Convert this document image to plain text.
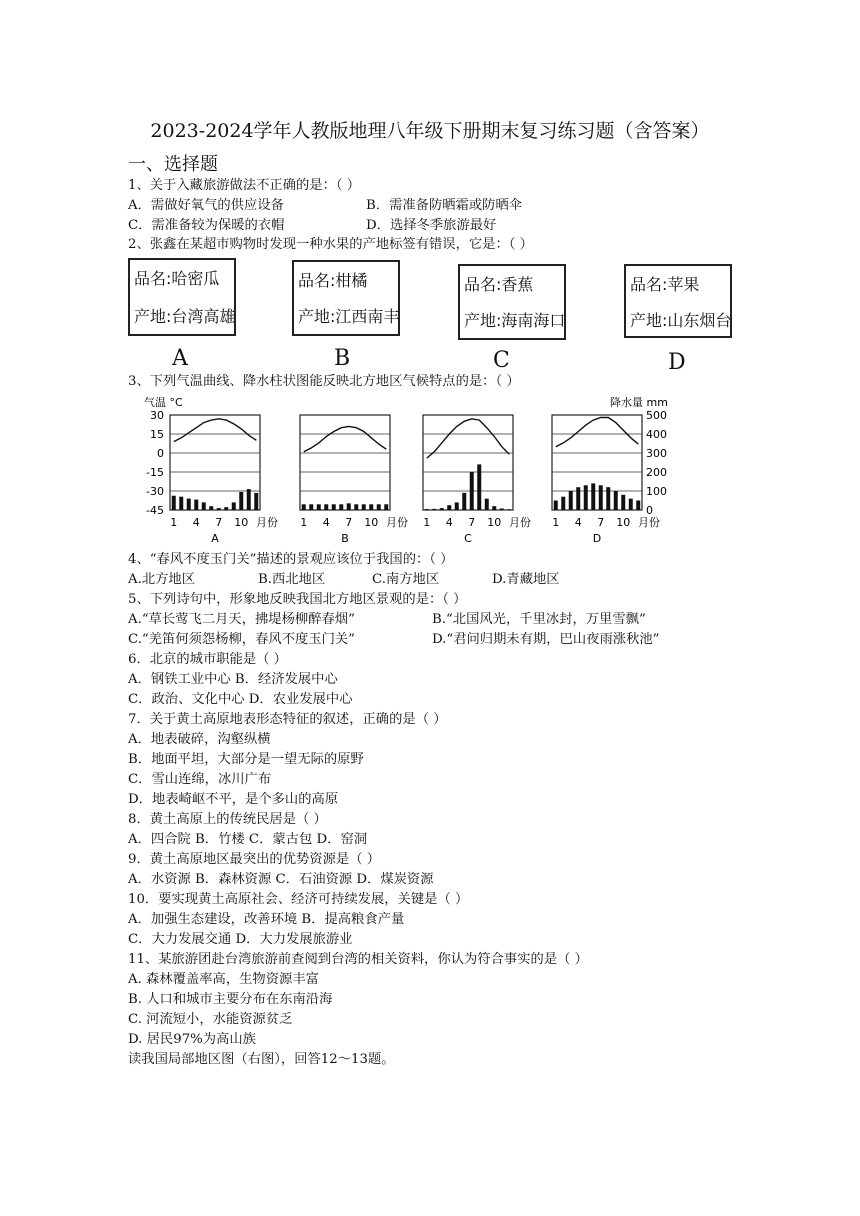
2023-2024学年人教版地理八年级下册期末复习练习题（含答案）
一、选择题
1、关于入藏旅游做法不正确的是：（ ）
A．需做好氧气的供应设备	B．需准备防晒霜或防晒伞
C．需准备较为保暖的衣帽	D．选择冬季旅游最好
2、张鑫在某超市购物时发现一种水果的产地标签有错误，它是：（ ）
品名:哈密瓜
产地:台湾高雄
品名:柑橘
产地:江西南丰
品名:香蕉
产地:海南海口
品名:苹果
产地:山东烟台
A	B	C	D
3、下列气温曲线、降水柱状图能反映北方地区气候特点的是：（ ）
气温 °C	降水量 mm
30
15
0
-15
-30
-45
500
400
300
200
100
0
1 4 7 10 月份
A
1 4 7 10 月份
B
1 4 7 10 月份
C
1 4 7 10 月份
D
4、“春风不度玉门关”描述的景观应该位于我国的：（ ）
A.北方地区	B.西北地区	C.南方地区	D.青藏地区
5、下列诗句中，形象地反映我国北方地区景观的是：（ ）
A.“草长莺飞二月天，拂堤杨柳醉春烟”	B.“北国风光，千里冰封，万里雪飘”
C.“羌笛何须怨杨柳，春风不度玉门关”	D.“君问归期未有期，巴山夜雨涨秋池”
6．北京的城市职能是（ ）
A．钢铁工业中心 B．经济发展中心
C．政治、文化中心 D．农业发展中心
7．关于黄土高原地表形态特征的叙述，正确的是（ ）
A．地表破碎，沟壑纵横
B．地面平坦，大部分是一望无际的原野
C．雪山连绵，冰川广布
D．地表崎岖不平，是个多山的高原
8．黄土高原上的传统民居是（ ）
A．四合院 B．竹楼 C．蒙古包 D．窑洞
9．黄土高原地区最突出的优势资源是（ ）
A．水资源 B．森林资源 C．石油资源 D．煤炭资源
10．要实现黄土高原社会、经济可持续发展，关键是（ ）
A．加强生态建设，改善环境 B．提高粮食产量
C．大力发展交通 D．大力发展旅游业
11、某旅游团赴台湾旅游前查阅到台湾的相关资料，你认为符合事实的是（ ）
A. 森林覆盖率高，生物资源丰富
B. 人口和城市主要分布在东南沿海
C. 河流短小，水能资源贫乏
D. 居民97%为高山族
读我国局部地区图（右图），回答12～13题。
